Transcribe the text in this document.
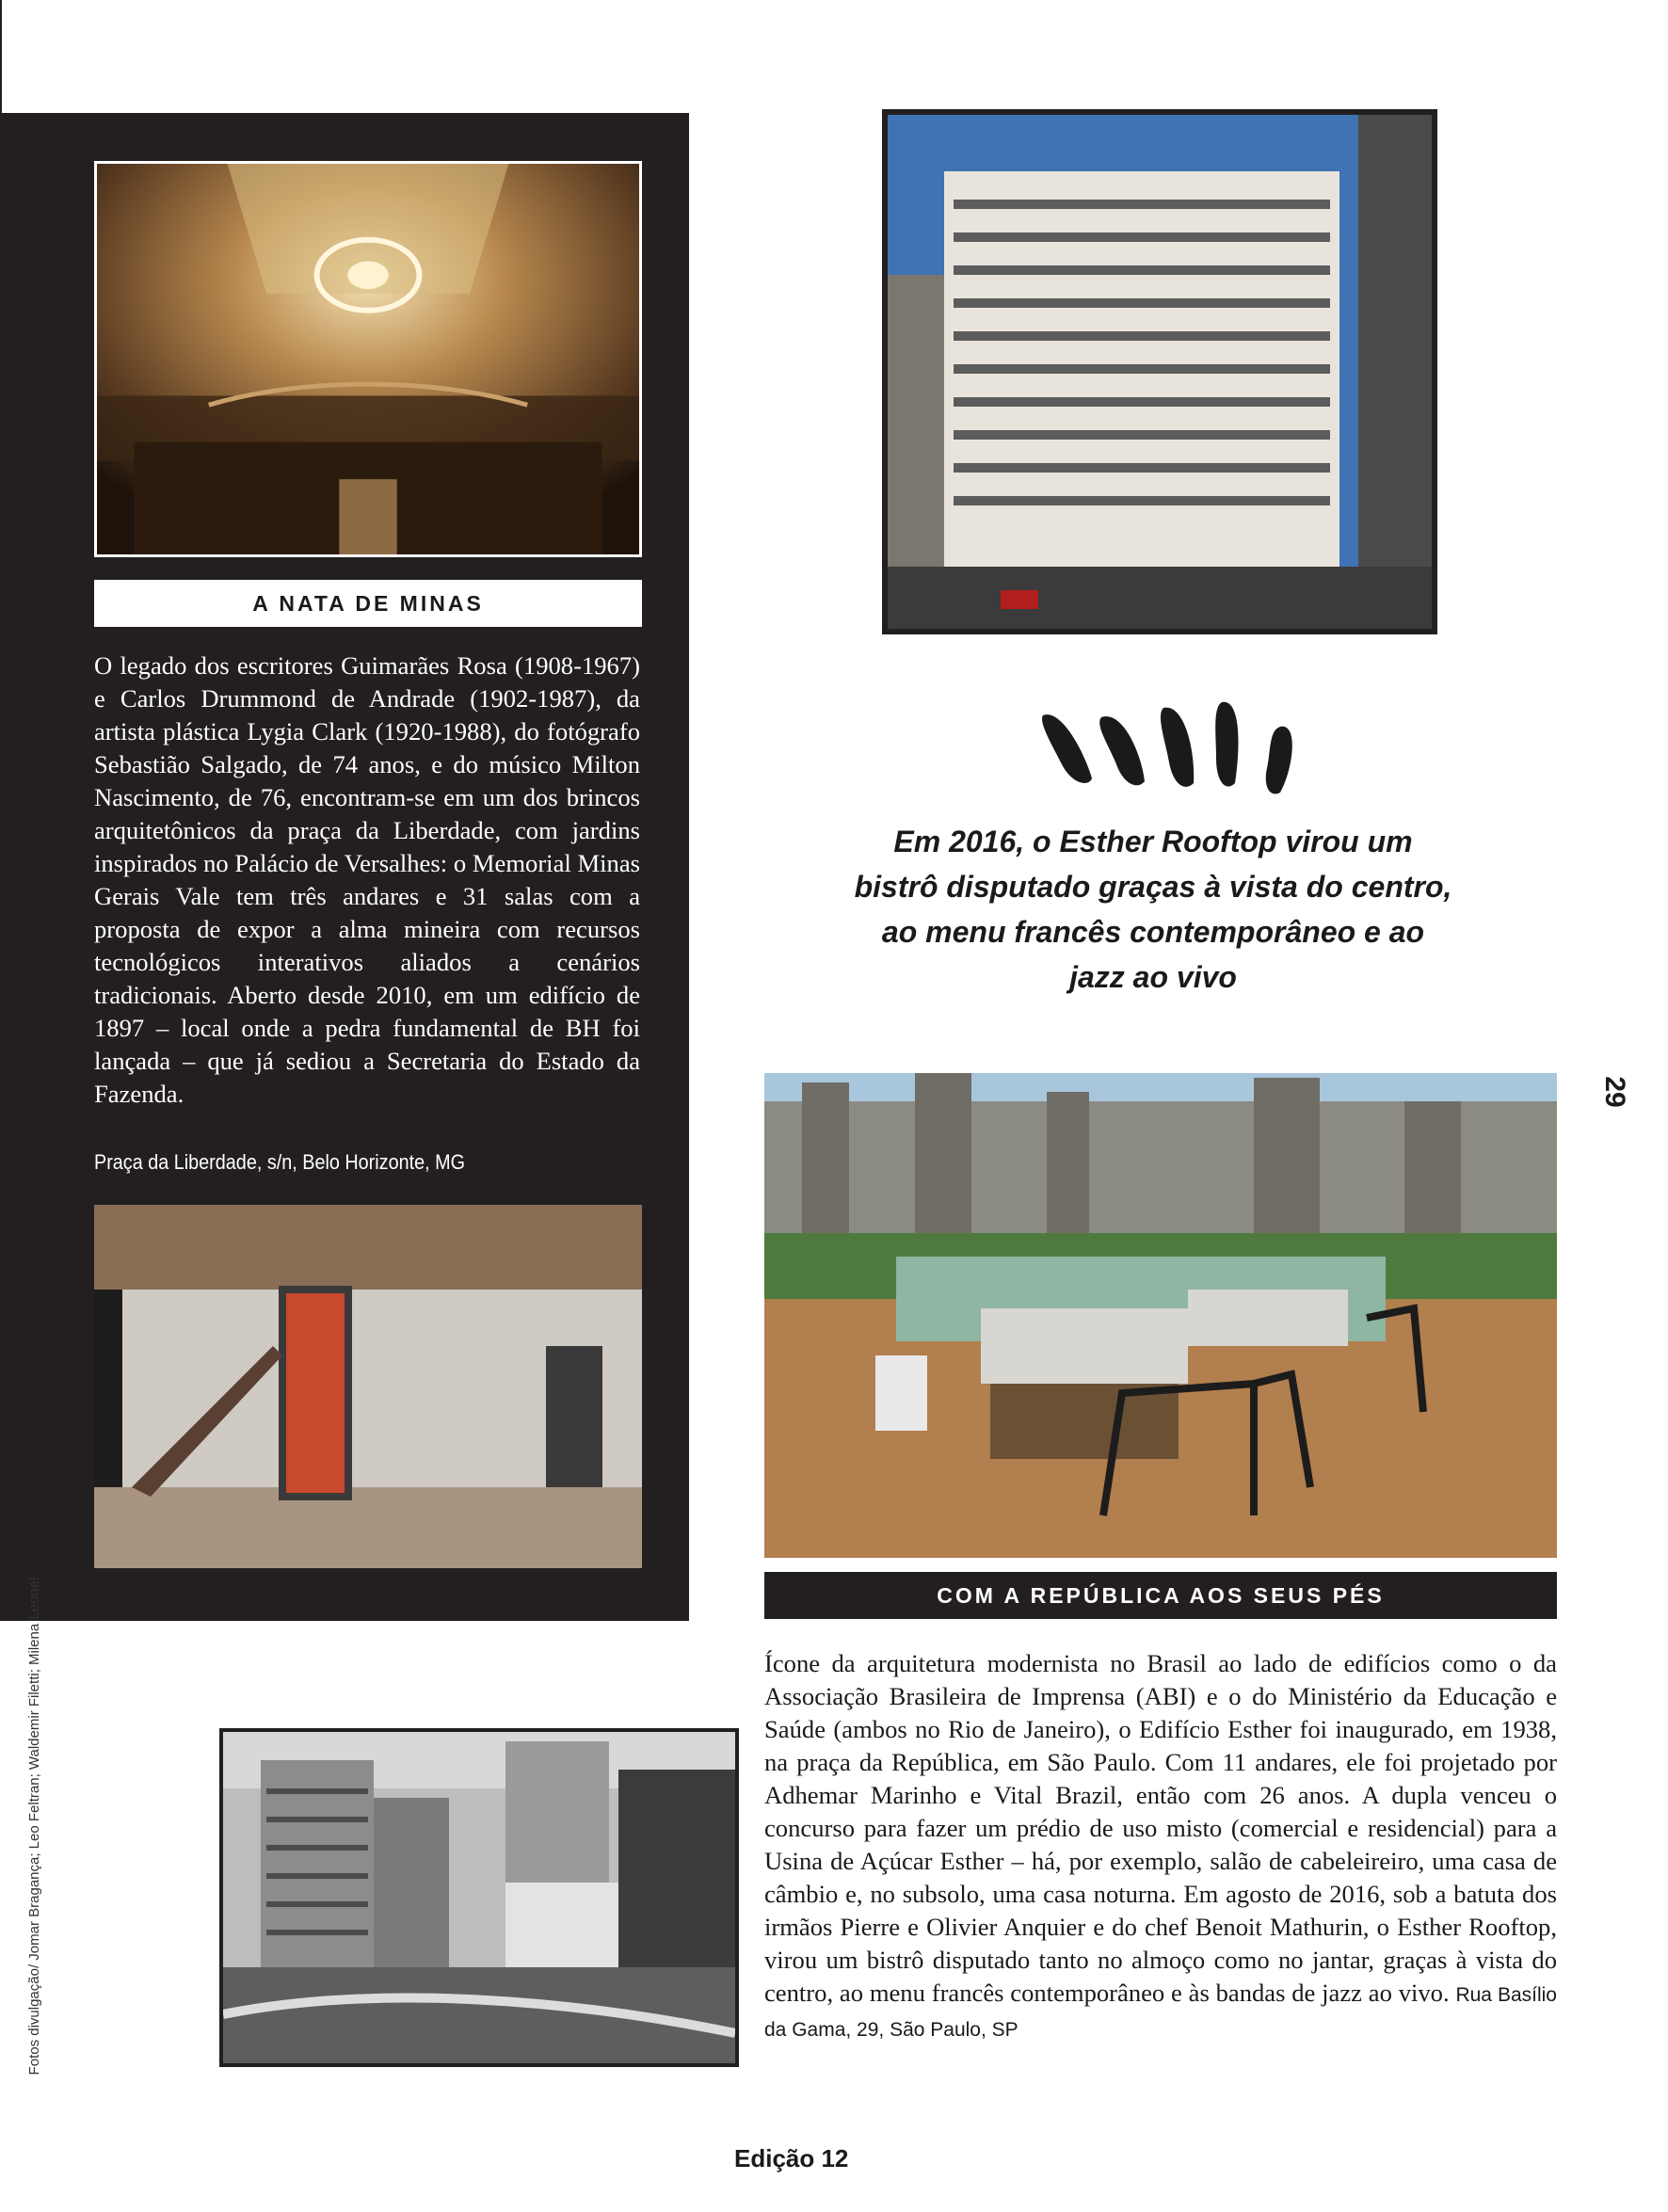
A NATA DE MINAS
O legado dos escritores Guimarães Rosa (1908-1967) e Carlos Drummond de Andrade (1902-1987), da artista plástica Lygia Clark (1920-1988), do fotógrafo Sebastião Salgado, de 74 anos, e do músico Milton Nascimento, de 76, encontram-se em um dos brincos arquitetônicos da praça da Liberdade, com jardins inspirados no Palácio de Versalhes: o Memorial Minas Gerais Vale tem três andares e 31 salas com a proposta de expor a alma mineira com recursos tecnológicos interativos aliados a cenários tradicionais. Aberto desde 2010, em um edifício de 1897 – local onde a pedra fundamental de BH foi lançada – que já sediou a Secretaria do Estado da Fazenda.
Praça da Liberdade, s/n, Belo Horizonte, MG
Em 2016, o Esther Rooftop virou um bistrô disputado graças à vista do centro, ao menu francês contemporâneo e ao jazz ao vivo
29
COM A REPÚBLICA AOS SEUS PÉS
Fotos divulgação/ Jomar Bragança; Leo Feltran; Waldemir Filetti; Milena Leonel	Ícone da arquitetura modernista no Brasil ao lado de edifícios como o da Associação Brasileira de Imprensa (ABI) e o do Ministério da Educação e Saúde (ambos no Rio de Janeiro), o Edifício Esther foi inaugurado, em 1938, na praça da República, em São Paulo. Com 11 andares, ele foi projetado por Adhemar Marinho e Vital Brazil, então com 26 anos. A dupla venceu o concurso para fazer um prédio de uso misto (comercial e residencial) para a Usina de Açúcar Esther – há, por exemplo, salão de cabeleireiro, uma casa de câmbio e, no subsolo, uma casa noturna. Em agosto de 2016, sob a batuta dos irmãos Pierre e Olivier Anquier e do chef Benoit Mathurin, o Esther Rooftop, virou um bistrô disputado tanto no almoço como no jantar, graças à vista do centro, ao menu francês contemporâneo e às bandas de jazz ao vivo. Rua Basílio da Gama, 29, São Paulo, SP
Edição 12
